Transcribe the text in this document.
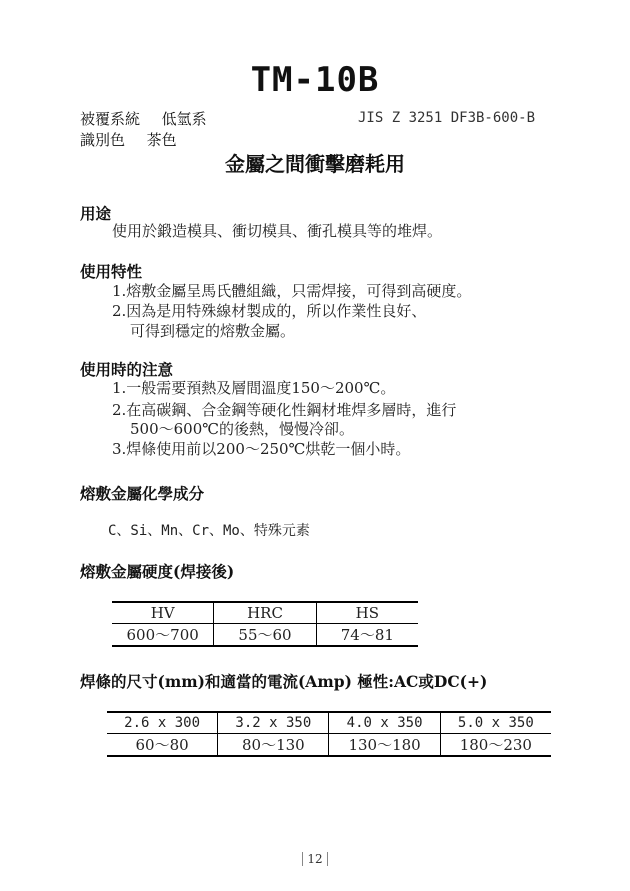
TM-10B
被覆系統 低氫系	JIS Z 3251 DF3B-600-B
識別色 茶色
金屬之間衝擊磨耗用
用途
使用於鍛造模具、衝切模具、衝孔模具等的堆焊。
使用特性
1.熔敷金屬呈馬氏體組織，只需焊接，可得到高硬度。
2.因為是用特殊線材製成的，所以作業性良好、
可得到穩定的熔敷金屬。
使用時的注意
1.一般需要預熱及層間溫度150～200℃。
2.在高碳鋼、合金鋼等硬化性鋼材堆焊多層時，進行
500～600℃的後熱，慢慢冷卻。
3.焊條使用前以200～250℃烘乾一個小時。
熔敷金屬化學成分
C、Si、Mn、Cr、Mo、特殊元素
熔敷金屬硬度(焊接後)
HV	HRC	HS
600～700	55～60	74～81
焊條的尺寸(mm)和適當的電流(Amp) 極性:AC或DC(+)
2.6 x 300	3.2 x 350	4.0 x 350	5.0 x 350
60～80	80～130	130～180	180～230
12
